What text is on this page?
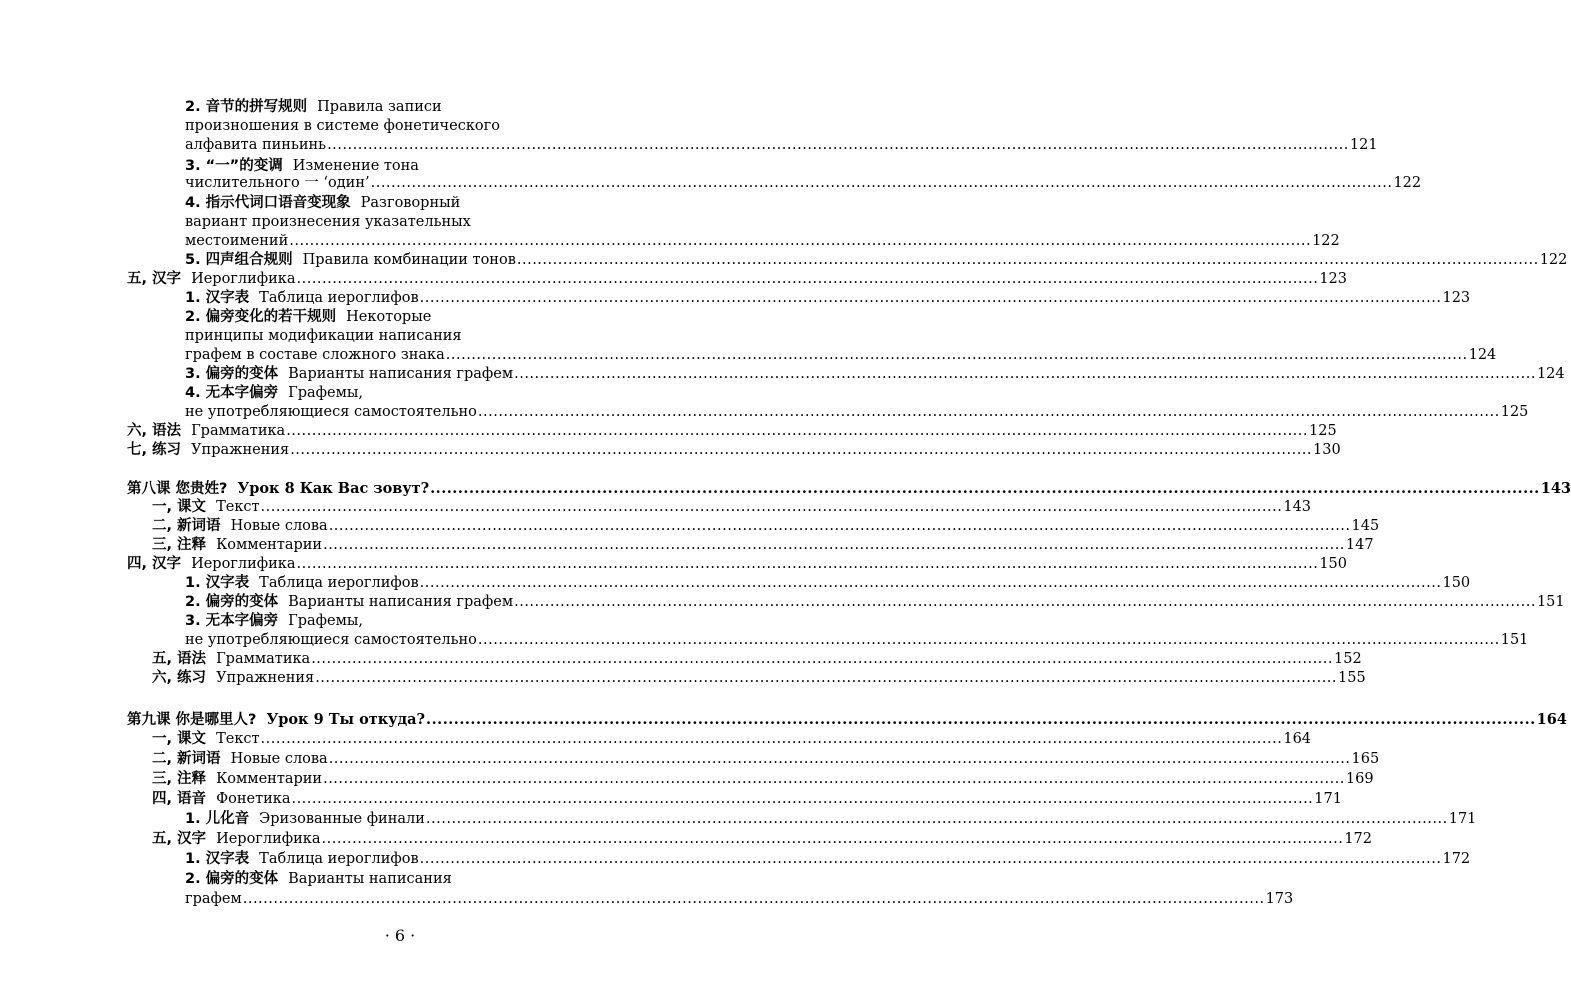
2. 音节的拼写规则 Правила записи
произношения в системе фонетического
алфавита пиньинь ........................................................................................................................................................................................................ 121
3. “一”的变调 Изменение тона
числительного 一 ‘один’ ........................................................................................................................................................................................................ 122
4. 指示代词口语音变现象 Разговорный
вариант произнесения указательных
местоимений ........................................................................................................................................................................................................ 122
5. 四声组合规则 Правила комбинации тонов ........................................................................................................................................................................................................ 122
五, 汉字 Иероглифика ........................................................................................................................................................................................................ 123
1. 汉字表 Таблица иероглифов ........................................................................................................................................................................................................ 123
2. 偏旁变化的若干规则 Некоторые
принципы модификации написания
графем в составе сложного знака ........................................................................................................................................................................................................ 124
3. 偏旁的变体 Варианты написания графем ........................................................................................................................................................................................................ 124
4. 无本字偏旁 Графемы,
не употребляющиеся самостоятельно ........................................................................................................................................................................................................ 125
六, 语法 Грамматика ........................................................................................................................................................................................................ 125
七, 练习 Упражнения ........................................................................................................................................................................................................ 130
第八课 您贵姓? Урок 8 Как Вас зовут? ........................................................................................................................................................................................................ 143
一, 课文 Текст ........................................................................................................................................................................................................ 143
二, 新词语 Новые слова ........................................................................................................................................................................................................ 145
三, 注释 Комментарии ........................................................................................................................................................................................................ 147
四, 汉字 Иероглифика ........................................................................................................................................................................................................ 150
1. 汉字表 Таблица иероглифов ........................................................................................................................................................................................................ 150
2. 偏旁的变体 Варианты написания графем ........................................................................................................................................................................................................ 151
3. 无本字偏旁 Графемы,
не употребляющиеся самостоятельно ........................................................................................................................................................................................................ 151
五, 语法 Грамматика ........................................................................................................................................................................................................ 152
六, 练习 Упражнения ........................................................................................................................................................................................................ 155
第九课 你是哪里人? Урок 9 Ты откуда? ........................................................................................................................................................................................................ 164
一, 课文 Текст ........................................................................................................................................................................................................ 164
二, 新词语 Новые слова ........................................................................................................................................................................................................ 165
三, 注释 Комментарии ........................................................................................................................................................................................................ 169
四, 语音 Фонетика ........................................................................................................................................................................................................ 171
1. 儿化音 Эризованные финали ........................................................................................................................................................................................................ 171
五, 汉字 Иероглифика ........................................................................................................................................................................................................ 172
1. 汉字表 Таблица иероглифов ........................................................................................................................................................................................................ 172
2. 偏旁的变体 Варианты написания
графем ........................................................................................................................................................................................................ 173
· 6 ·
